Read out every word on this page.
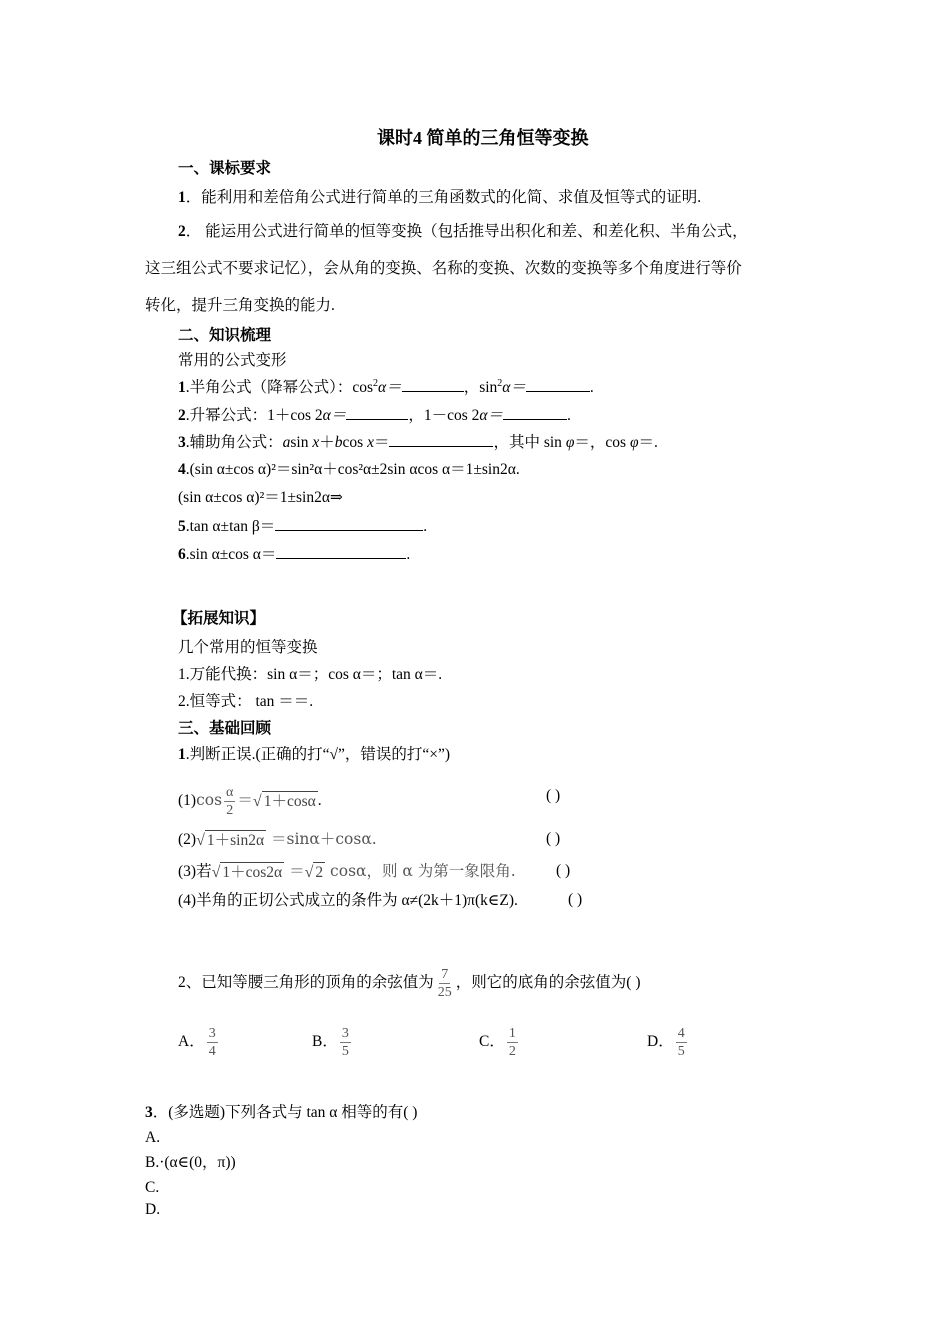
课时4 简单的三角恒等变换
一、课标要求
1．能利用和差倍角公式进行简单的三角函数式的化简、求值及恒等式的证明.
2． 能运用公式进行简单的恒等变换（包括推导出积化和差、和差化积、半角公式，
这三组公式不要求记忆），会从角的变换、名称的变换、次数的变换等多个角度进行等价
转化，提升三角变换的能力.
二、知识梳理
常用的公式变形
1.半角公式（降幂公式）：$\cos^2\alpha=$	，$\sin^2\alpha=$	.
2.升幂公式：1＋cos 2α＝	，1－cos 2α＝	.
3.辅助角公式：asin x＋bcos x＝	，其中 sin φ＝，cos φ＝.
4.(sin α±cos α)²＝sin²α＋cos²α±2sin αcos α＝1±sin2α.
(sin α±cos α)²＝1±sin2α⇒
5.tan α±tan β＝	.
6.sin α±cos α＝	.
【拓展知识】
几个常用的恒等变换
1.万能代换：sin α＝；cos α＝；tan α＝.
2.恒等式： tan ＝＝.
三、基础回顾
1.判断正误.(正确的打“√”，错误的打“×”)
$(1)\cos \frac{\alpha}{2}$ ＝ √ 1＋cosα .	( )
(2) √ 1＋sin2α ＝sinα＋cosα.	( )
(3)若 √ 1＋cos2α ＝ √ 2 cosα，则 α 为第一象限角.	( )
(4)半角的正切公式成立的条件为 α≠(2k＋1)π(k∈Z).	( )
2、已知等腰三角形的顶角的余弦值为 $\frac{7}{25}$ ，则它的底角的余弦值为( )
A． $\frac{3}{4}$	B． $\frac{3}{5}$	C． $\frac{1}{2}$	D． $\frac{4}{5}$
3．(多选题)下列各式与 tan α 相等的有( )
A.
B.·(α∈(0，π))
C.
D.
